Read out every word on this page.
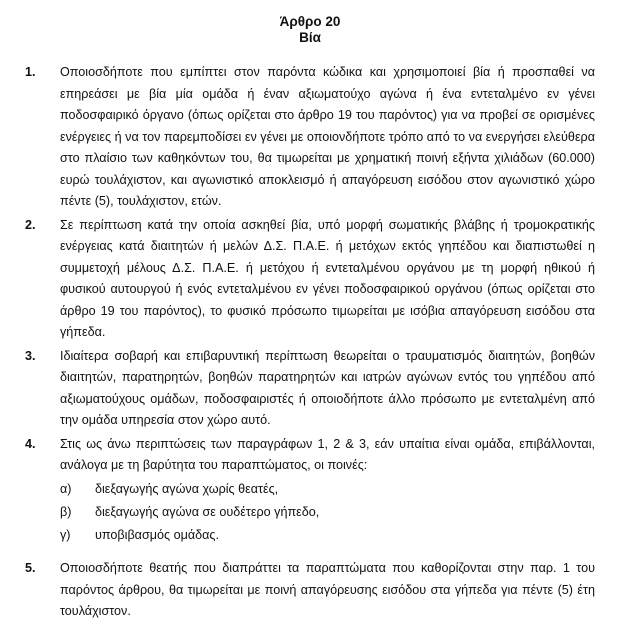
Άρθρο 20
Βία
1.	Οποιοσδήποτε που εμπίπτει στον παρόντα κώδικα και χρησιμοποιεί βία ή προσπαθεί να επηρεάσει με βία μία ομάδα ή έναν αξιωματούχο αγώνα ή ένα εντεταλμένο εν γένει ποδοσφαιρικό όργανο (όπως ορίζεται στο άρθρο 19 του παρόντος) για να προβεί σε ορισμένες ενέργειες ή να τον παρεμποδίσει εν γένει με οποιονδήποτε τρόπο από το να ενεργήσει ελεύθερα στο πλαίσιο των καθηκόντων του, θα τιμωρείται με χρηματική ποινή εξήντα χιλιάδων (60.000) ευρώ τουλάχιστον, και αγωνιστικό αποκλεισμό ή απαγόρευση εισόδου στον αγωνιστικό χώρο πέντε (5), τουλάχιστον, ετών.
2.	Σε περίπτωση κατά την οποία ασκηθεί βία, υπό μορφή σωματικής βλάβης ή τρομοκρατικής ενέργειας κατά διαιτητών ή μελών Δ.Σ. Π.Α.Ε. ή μετόχων εκτός γηπέδου και διαπιστωθεί η συμμετοχή μέλους Δ.Σ. Π.Α.Ε. ή μετόχου ή εντεταλμένου οργάνου με τη μορφή ηθικού ή φυσικού αυτουργού ή ενός εντεταλμένου εν γένει ποδοσφαιρικού οργάνου (όπως ορίζεται στο άρθρο 19 του παρόντος), το φυσικό πρόσωπο τιμωρείται με ισόβια απαγόρευση εισόδου στα γήπεδα.
3.	Ιδιαίτερα σοβαρή και επιβαρυντική περίπτωση θεωρείται ο τραυματισμός διαιτητών, βοηθών διαιτητών, παρατηρητών, βοηθών παρατηρητών και ιατρών αγώνων εντός του γηπέδου από αξιωματούχους ομάδων, ποδοσφαιριστές ή οποιοδήποτε άλλο πρόσωπο με εντεταλμένη από την ομάδα υπηρεσία στον χώρο αυτό.
4.	Στις ως άνω περιπτώσεις των παραγράφων 1, 2 & 3, εάν υπαίτια είναι ομάδα, επιβάλλονται, ανάλογα με τη βαρύτητα του παραπτώματος, οι ποινές:
α)	διεξαγωγής αγώνα χωρίς θεατές,
β)	διεξαγωγής αγώνα σε ουδέτερο γήπεδο,
γ)	υποβιβασμός ομάδας.
5.	Οποιοσδήποτε θεατής που διαπράττει τα παραπτώματα που καθορίζονται στην παρ. 1 του παρόντος άρθρου, θα τιμωρείται με ποινή απαγόρευσης εισόδου στα γήπεδα για πέντε (5) έτη τουλάχιστον.
